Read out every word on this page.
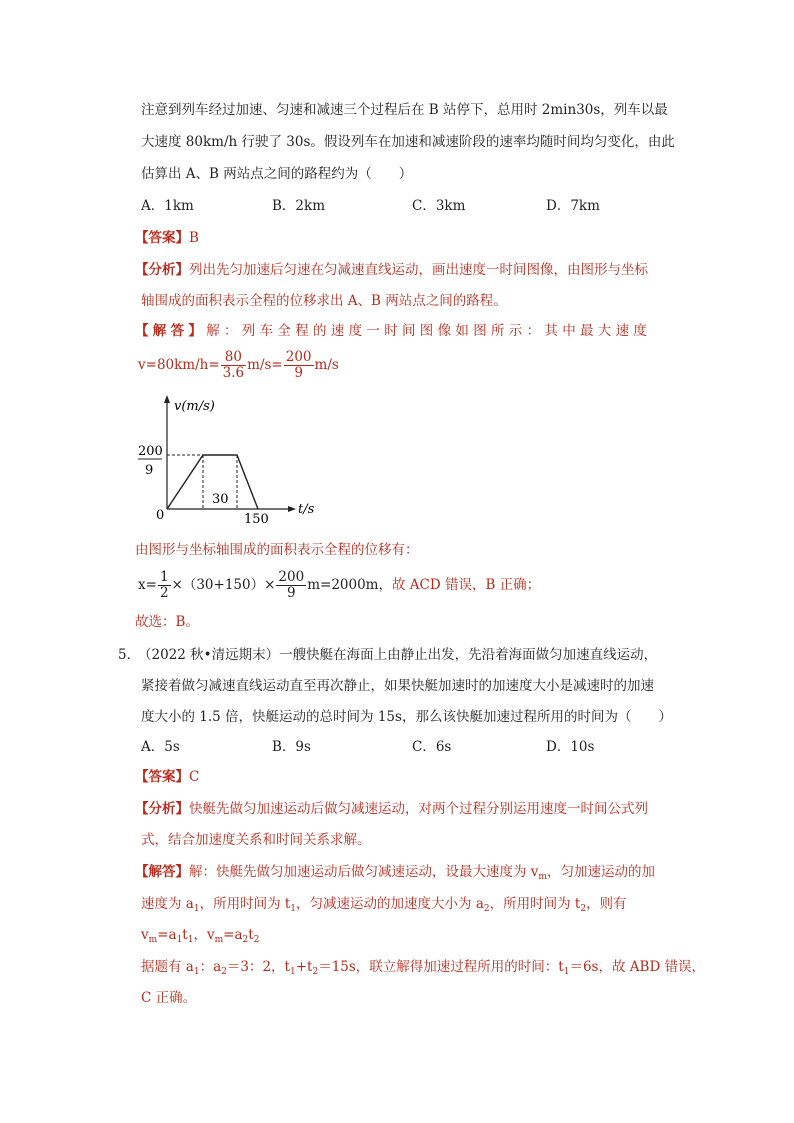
注意到列车经过加速、匀速和减速三个过程后在 B 站停下，总用时 2min30s，列车以最
大速度 80km/h 行驶了 30s。假设列车在加速和减速阶段的速率均随时间均匀变化，由此
估算出 A、B 两站点之间的路程约为（　　）
A．1km	B．2km	C．3km	D．7km
【答案】B
【分析】列出先匀加速后匀速在匀减速直线运动，画出速度一时间图像，由图形与坐标
轴围成的面积表示全程的位移求出 A、B 两站点之间的路程。
【解答】解：列车全程的速度一时间图像如图所示：其中最大速度
$v=80km/h= \frac{80}{3.6} m/s= \frac{200}{9} m/s$
v(m/s)
t/s
0
200
9
30
150
由图形与坐标轴围成的面积表示全程的位移有：
$x= \frac{1}{2} \times(30+150)\times \frac{200}{9} m=2000m$，故 ACD 错误，B 正确；
故选：B。
5．
（2022 秋•清远期末）一艘快艇在海面上由静止出发，先沿着海面做匀加速直线运动，
紧接着做匀减速直线运动直至再次静止，如果快艇加速时的加速度大小是减速时的加速
度大小的 1.5 倍，快艇运动的总时间为 15s，那么该快艇加速过程所用的时间为（　　）
A．5s	B．9s	C．6s	D．10s
【答案】C
【分析】快艇先做匀加速运动后做匀减速运动，对两个过程分别运用速度一时间公式列
式，结合加速度关系和时间关系求解。
【解答】解：快艇先做匀加速运动后做匀减速运动，设最大速度为 $v_m$，匀加速运动的加
速度为 $a_1$，所用时间为 $t_1$，匀减速运动的加速度大小为 $a_2$，所用时间为 $t_2$，则有
$v_m=a_1t_1$，$v_m=a_2t_2$
据题有 $a_1$：$a_2=3$：2，$t_1+t_2=15s$，联立解得加速过程所用的时间：$t_1=6s$，故 ABD 错误，
C 正确。
